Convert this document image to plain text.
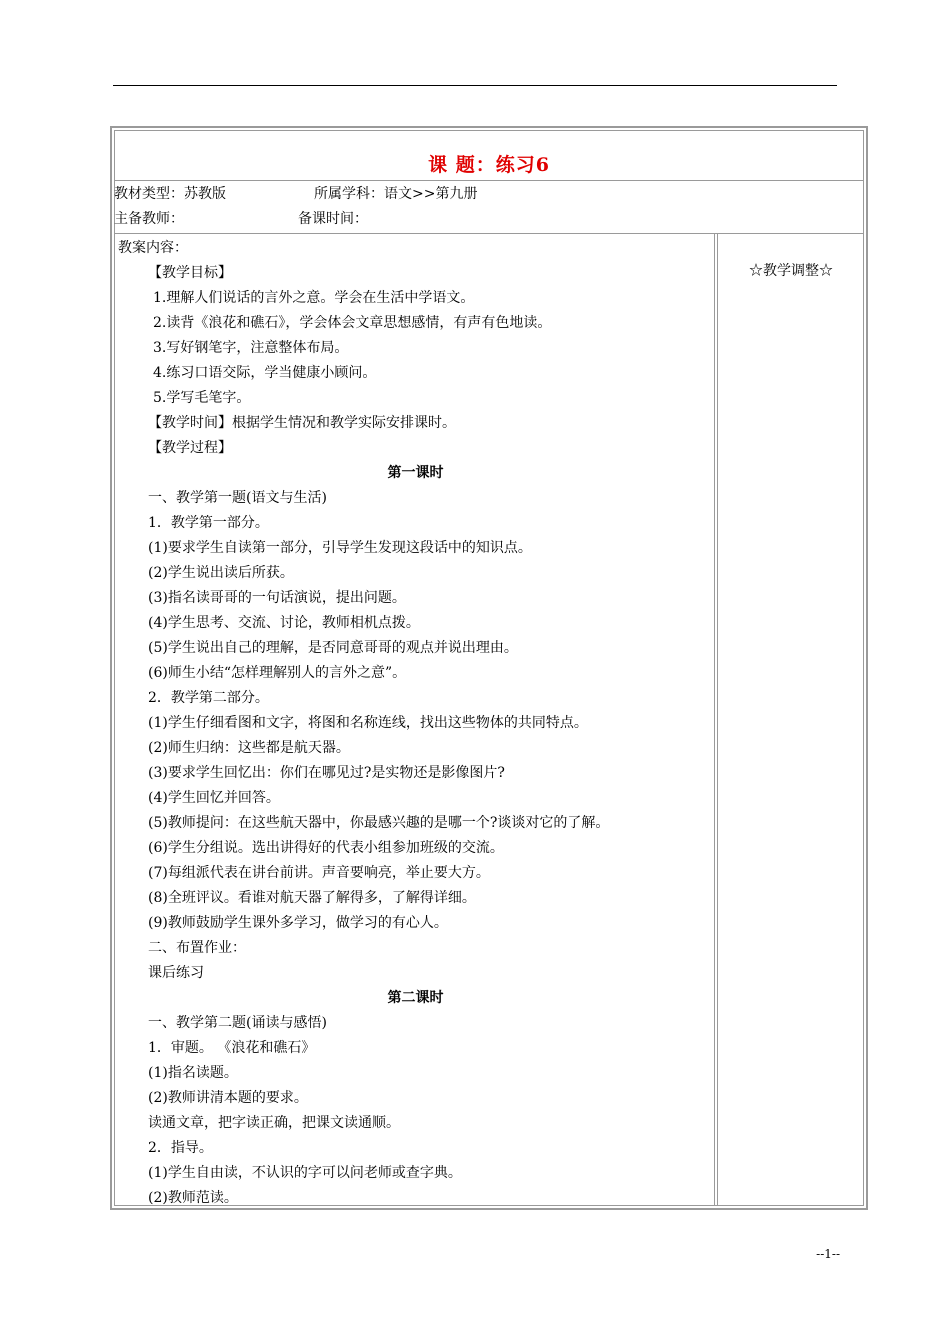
课 题：练习6
教材类型：苏教版	所属学科：语文>>第九册
主备教师：	备课时间：
教案内容：
【教学目标】
1.理解人们说话的言外之意。学会在生活中学语文。
2.读背《浪花和礁石》，学会体会文章思想感情，有声有色地读。
3.写好钢笔字，注意整体布局。
4.练习口语交际，学当健康小顾问。
5.学写毛笔字。
【教学时间】根据学生情况和教学实际安排课时。
【教学过程】
第一课时
一、教学第一题(语文与生活)
1．教学第一部分。
(1)要求学生自读第一部分，引导学生发现这段话中的知识点。
(2)学生说出读后所获。
(3)指名读哥哥的一句话演说，提出问题。
(4)学生思考、交流、讨论，教师相机点拨。
(5)学生说出自己的理解，是否同意哥哥的观点并说出理由。
(6)师生小结“怎样理解别人的言外之意”。
2．教学第二部分。
(1)学生仔细看图和文字，将图和名称连线，找出这些物体的共同特点。
(2)师生归纳：这些都是航天器。
(3)要求学生回忆出：你们在哪见过?是实物还是影像图片?
(4)学生回忆并回答。
(5)教师提问：在这些航天器中，你最感兴趣的是哪一个?谈谈对它的了解。
(6)学生分组说。选出讲得好的代表小组参加班级的交流。
(7)每组派代表在讲台前讲。声音要响亮，举止要大方。
(8)全班评议。看谁对航天器了解得多，了解得详细。
(9)教师鼓励学生课外多学习，做学习的有心人。
二、布置作业：
课后练习
第二课时
一、教学第二题(诵读与感悟)
1．审题。 《浪花和礁石》
(1)指名读题。
(2)教师讲清本题的要求。
读通文章，把字读正确，把课文读通顺。
2．指导。
(1)学生自由读，不认识的字可以问老师或查字典。
(2)教师范读。
☆教学调整☆
--1--
